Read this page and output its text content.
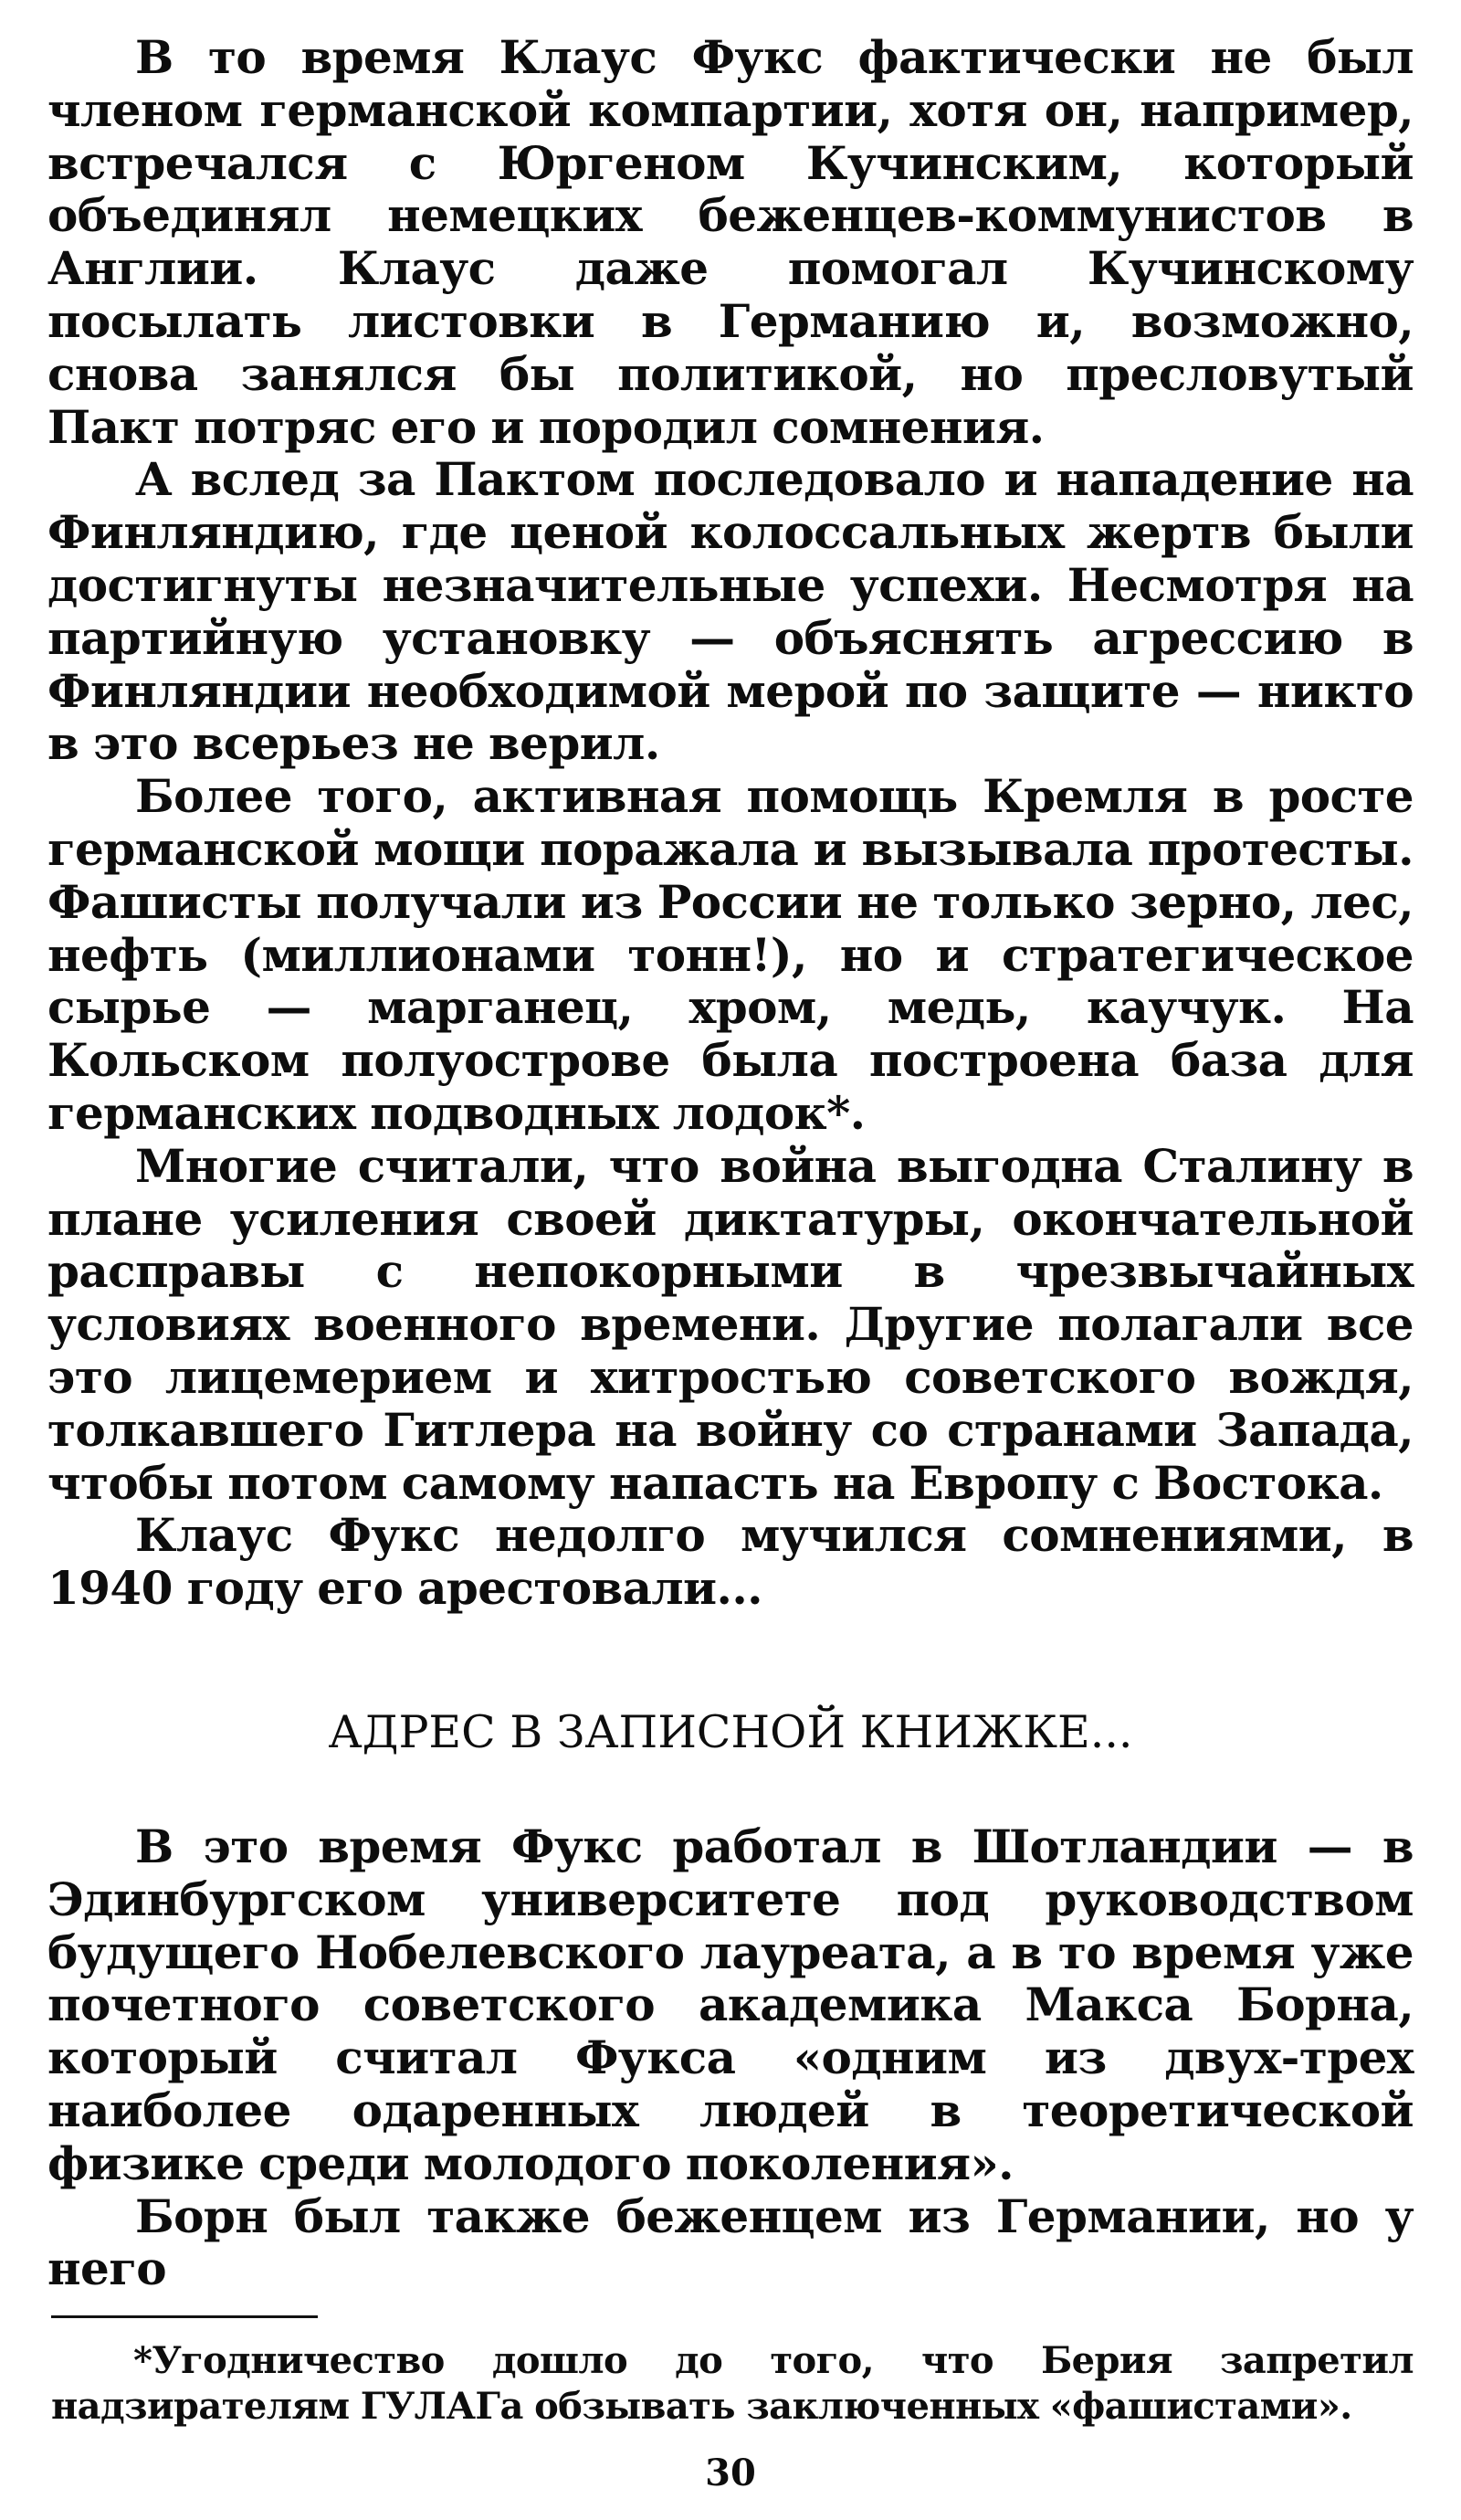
В то время Клаус Фукс фактически не был членом германской компартии, хотя он, например, встречался с Юргеном Кучинским, который объединял немецких беженцев-коммунистов в Англии. Клаус даже помогал Кучинскому посылать листовки в Германию и, возможно, снова занялся бы политикой, но пресловутый Пакт потряс его и породил сомнения.

А вслед за Пактом последовало и нападение на Финляндию, где ценой колоссальных жертв были достигнуты незначительные успехи. Несмотря на партийную установку — объяснять агрессию в Финляндии необходимой мерой по защите — никто в это всерьез не верил.

Более того, активная помощь Кремля в росте германской мощи поражала и вызывала протесты. Фашисты получали из России не только зерно, лес, нефть (миллионами тонн!), но и стратегическое сырье — марганец, хром, медь, каучук. На Кольском полуострове была построена база для германских подводных лодок*.

Многие считали, что война выгодна Сталину в плане усиления своей диктатуры, окончательной расправы с непокорными в чрезвычайных условиях военного времени. Другие полагали все это лицемерием и хитростью советского вождя, толкавшего Гитлера на войну со странами Запада, чтобы потом самому напасть на Европу с Востока.

Клаус Фукс недолго мучился сомнениями, в 1940 году его арестовали...

АДРЕС В ЗАПИСНОЙ КНИЖКЕ...

В это время Фукс работал в Шотландии — в Эдинбургском университете под руководством будущего Нобелевского лауреата, а в то время уже почетного советского академика Макса Борна, который считал Фукса «одним из двух-трех наиболее одаренных людей в теоретической физике среди молодого поколения».

Борн был также беженцем из Германии, но у него

*Угодничество дошло до того, что Берия запретил надзирателям ГУЛАГа обзывать заключенных «фашистами».

30
